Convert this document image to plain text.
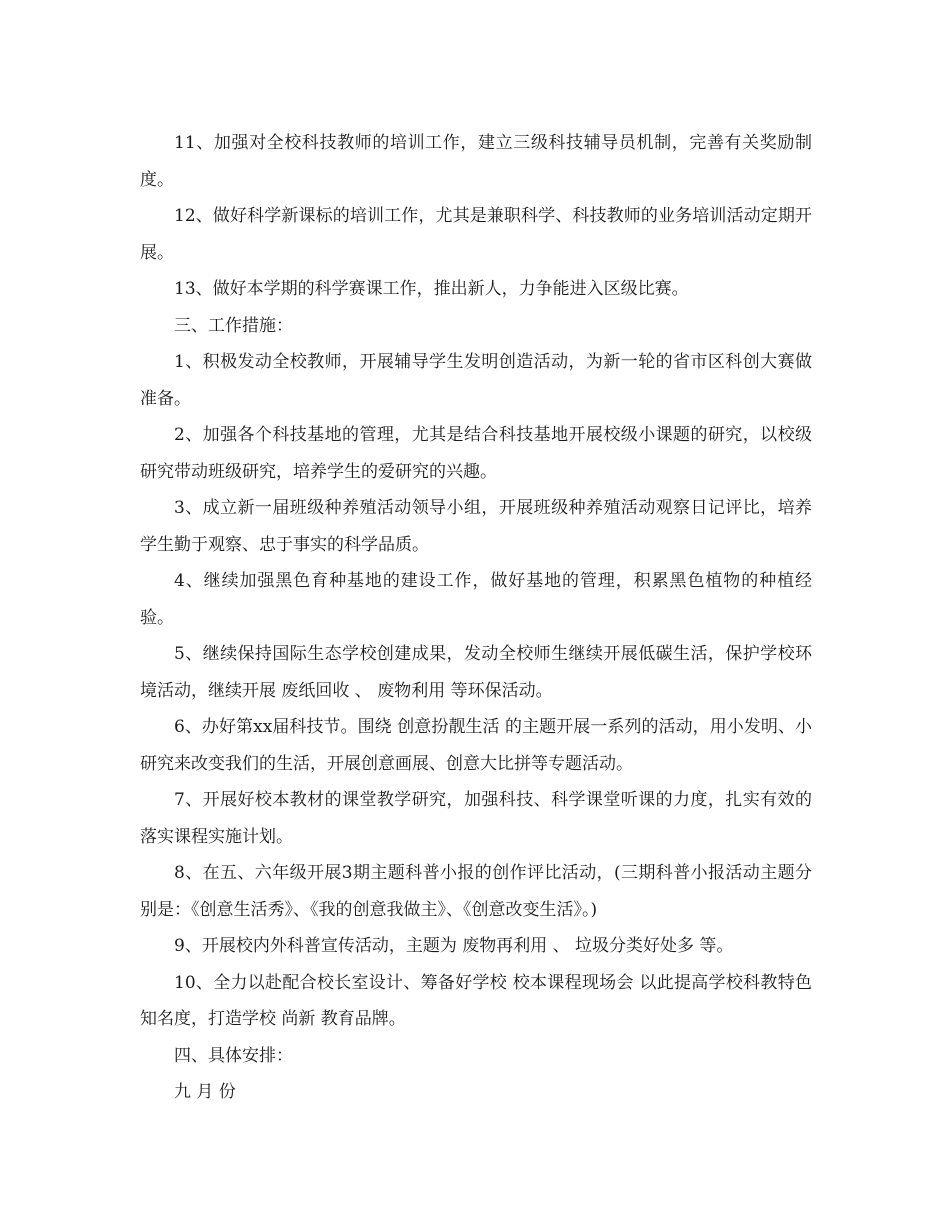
11、加强对全校科技教师的培训工作，建立三级科技辅导员机制，完善有关奖励制度。

12、做好科学新课标的培训工作，尤其是兼职科学、科技教师的业务培训活动定期开展。

13、做好本学期的科学赛课工作，推出新人，力争能进入区级比赛。

三、工作措施：

1、积极发动全校教师，开展辅导学生发明创造活动，为新一轮的省市区科创大赛做准备。

2、加强各个科技基地的管理，尤其是结合科技基地开展校级小课题的研究，以校级研究带动班级研究，培养学生的爱研究的兴趣。

3、成立新一届班级种养殖活动领导小组，开展班级种养殖活动观察日记评比，培养学生勤于观察、忠于事实的科学品质。

4、继续加强黑色育种基地的建设工作，做好基地的管理，积累黑色植物的种植经验。

5、继续保持国际生态学校创建成果，发动全校师生继续开展低碳生活，保护学校环境活动，继续开展 废纸回收 、 废物利用 等环保活动。

6、办好第xx届科技节。围绕 创意扮靓生活 的主题开展一系列的活动，用小发明、小研究来改变我们的生活，开展创意画展、创意大比拼等专题活动。

7、开展好校本教材的课堂教学研究，加强科技、科学课堂听课的力度，扎实有效的落实课程实施计划。

8、在五、六年级开展3期主题科普小报的创作评比活动，(三期科普小报活动主题分别是：《创意生活秀》、《我的创意我做主》、《创意改变生活》。)

9、开展校内外科普宣传活动，主题为 废物再利用 、 垃圾分类好处多 等。

10、全力以赴配合校长室设计、筹备好学校 校本课程现场会 以此提高学校科教特色 知名度，打造学校 尚新 教育品牌。

四、具体安排：

九 月 份
